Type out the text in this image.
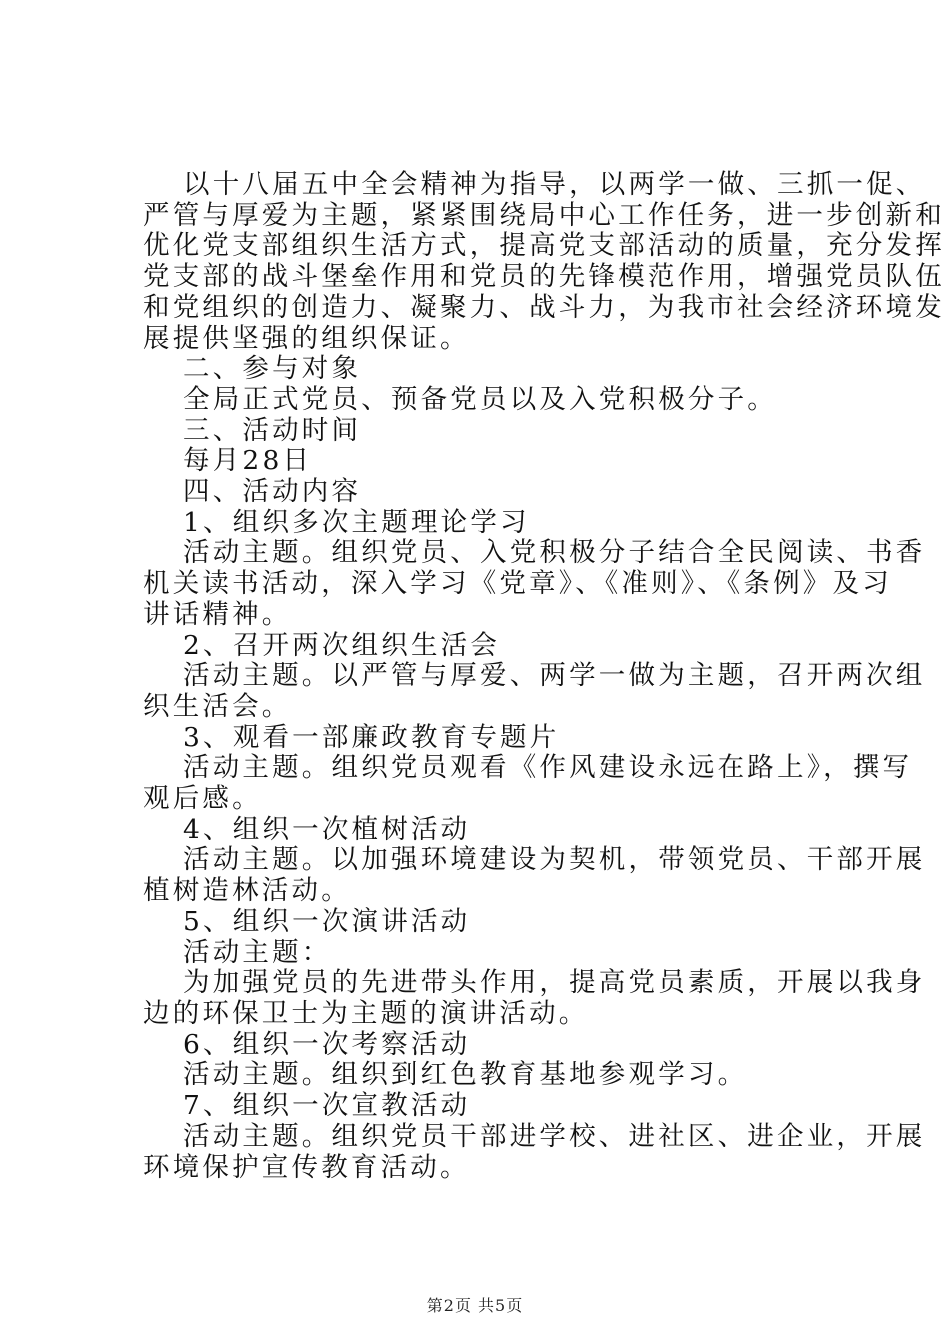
以十八届五中全会精神为指导，以两学一做、三抓一促、

严管与厚爱为主题，紧紧围绕局中心工作任务，进一步创新和

优化党支部组织生活方式，提高党支部活动的质量，充分发挥

党支部的战斗堡垒作用和党员的先锋模范作用，增强党员队伍

和党组织的创造力、凝聚力、战斗力，为我市社会经济环境发

展提供坚强的组织保证。

二、参与对象

全局正式党员、预备党员以及入党积极分子。

三、活动时间

每月28日

四、活动内容

1、组织多次主题理论学习

活动主题。组织党员、入党积极分子结合全民阅读、书香

机关读书活动，深入学习《党章》、《准则》、《条例》及习

讲话精神。

2、召开两次组织生活会

活动主题。以严管与厚爱、两学一做为主题，召开两次组

织生活会。

3、观看一部廉政教育专题片

活动主题。组织党员观看《作风建设永远在路上》，撰写

观后感。

4、组织一次植树活动

活动主题。以加强环境建设为契机，带领党员、干部开展

植树造林活动。

5、组织一次演讲活动

活动主题：

为加强党员的先进带头作用，提高党员素质，开展以我身

边的环保卫士为主题的演讲活动。

6、组织一次考察活动

活动主题。组织到红色教育基地参观学习。

7、组织一次宣教活动

活动主题。组织党员干部进学校、进社区、进企业，开展

环境保护宣传教育活动。

第2页 共5页
